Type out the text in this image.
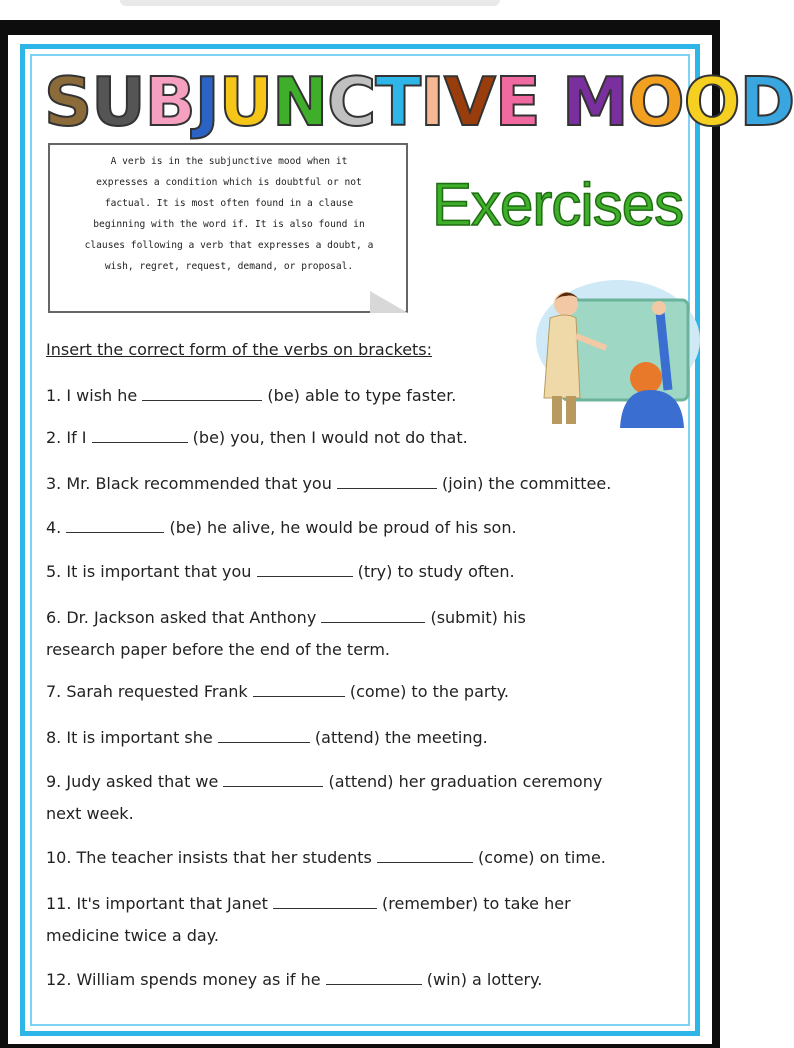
SUBJUNCTIVE MOOD
A verb is in the subjunctive mood when it
expresses a condition which is doubtful or not
factual. It is most often found in a clause
beginning with the word if. It is also found in
clauses following a verb that expresses a doubt, a
wish, regret, request, demand, or proposal.
Exercises
Insert the correct form of the verbs on brackets:
1. I wish he	(be) able to type faster.
2. If I	(be) you, then I would not do that.
3. Mr. Black recommended that you	(join) the committee.
4.	(be) he alive, he would be proud of his son.
5. It is important that you	(try) to study often.
6. Dr. Jackson asked that Anthony	(submit) his
research paper before the end of the term.
7. Sarah requested Frank	(come) to the party.
8. It is important she	(attend) the meeting.
9. Judy asked that we	(attend) her graduation ceremony
next week.
10. The teacher insists that her students	(come) on time.
11. It's important that Janet	(remember) to take her
medicine twice a day.
12. William spends money as if he	(win) a lottery.
